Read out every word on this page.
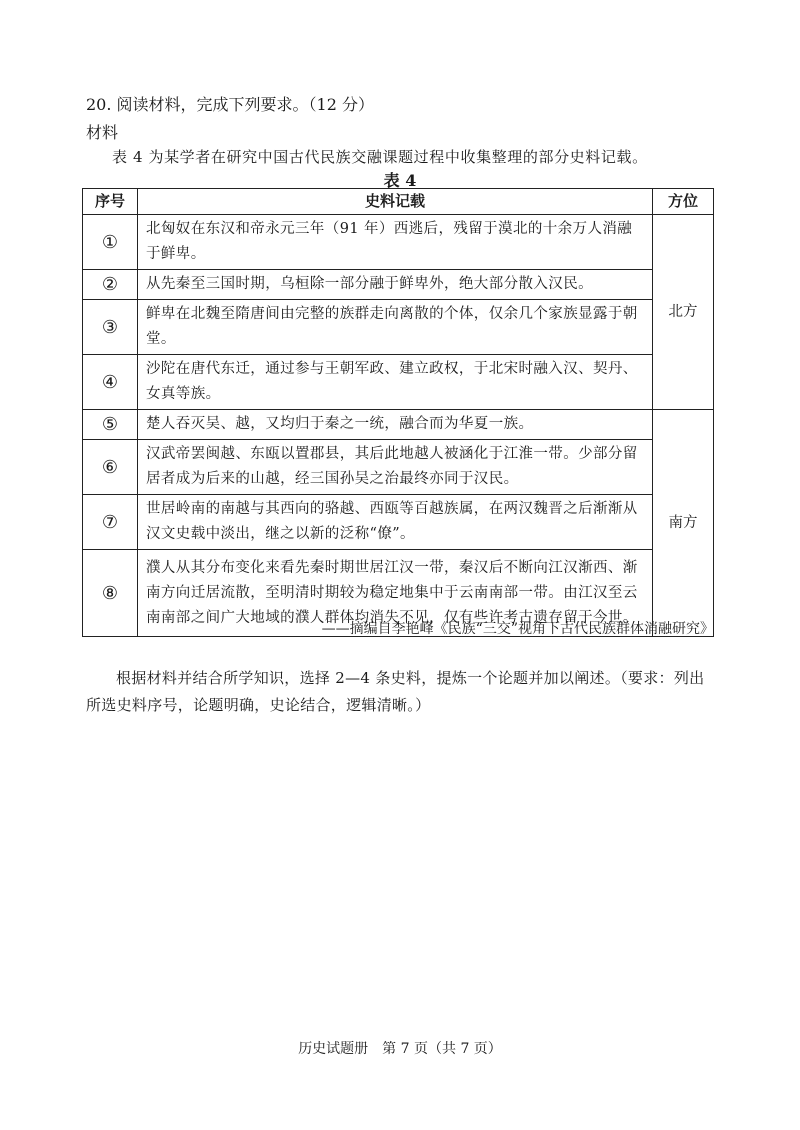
20. 阅读材料，完成下列要求。（12 分）
材料
表 4 为某学者在研究中国古代民族交融课题过程中收集整理的部分史料记载。
表 4
序号	史料记载	方位
①	北匈奴在东汉和帝永元三年（91 年）西逃后，残留于漠北的十余万人消融于鲜卑。	北方
②	从先秦至三国时期，乌桓除一部分融于鲜卑外，绝大部分散入汉民。	
③	鲜卑在北魏至隋唐间由完整的族群走向离散的个体，仅余几个家族显露于朝堂。	
④	沙陀在唐代东迁，通过参与王朝军政、建立政权，于北宋时融入汉、契丹、女真等族。	
⑤	楚人吞灭吴、越，又均归于秦之一统，融合而为华夏一族。	南方
⑥	汉武帝罢闽越、东瓯以置郡县，其后此地越人被涵化于江淮一带。少部分留居者成为后来的山越，经三国孙吴之治最终亦同于汉民。	
⑦	世居岭南的南越与其西向的骆越、西瓯等百越族属，在两汉魏晋之后渐渐从汉文史载中淡出，继之以新的泛称“僚”。	
⑧	濮人从其分布变化来看先秦时期世居江汉一带，秦汉后不断向江汉渐西、渐南方向迁居流散，至明清时期较为稳定地集中于云南南部一带。由江汉至云南南部之间广大地域的濮人群体均消失不见，仅有些许考古遗存留于今世。	
——摘编自李艳峰《民族“三交”视角下古代民族群体消融研究》
根据材料并结合所学知识，选择 2—4 条史料，提炼一个论题并加以阐述。（要求：列出所选史料序号，论题明确，史论结合，逻辑清晰。）
历史试题册　第 7 页（共 7 页）
